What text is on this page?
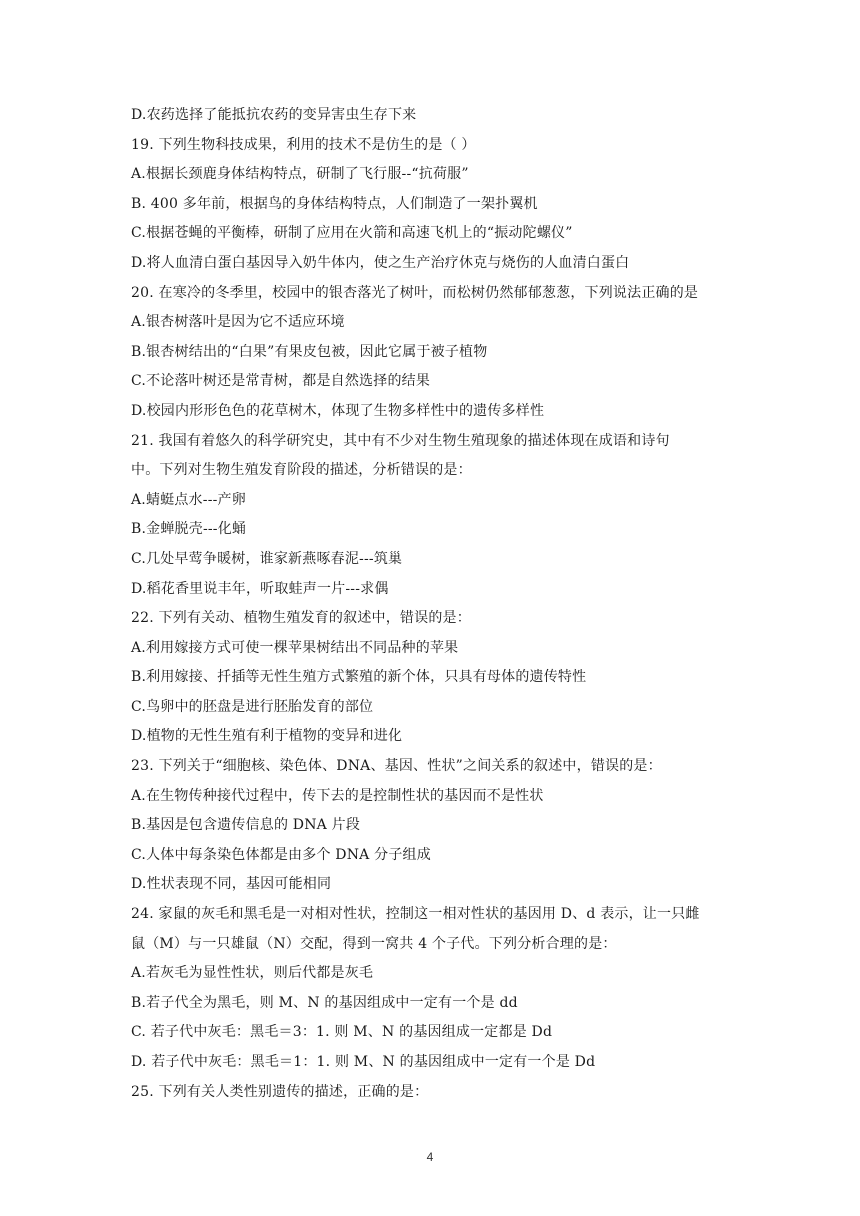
D.农药选择了能抵抗农药的变异害虫生存下来
19. 下列生物科技成果，利用的技术不是仿生的是（ ）
A.根据长颈鹿身体结构特点，研制了飞行服--“抗荷服”
B. 400 多年前，根据鸟的身体结构特点，人们制造了一架扑翼机
C.根据苍蝇的平衡棒，研制了应用在火箭和高速飞机上的“振动陀螺仪”
D.将人血清白蛋白基因导入奶牛体内，使之生产治疗休克与烧伤的人血清白蛋白
20. 在寒冷的冬季里，校园中的银杏落光了树叶，而松树仍然郁郁葱葱，下列说法正确的是
A.银杏树落叶是因为它不适应环境
B.银杏树结出的“白果”有果皮包被，因此它属于被子植物
C.不论落叶树还是常青树，都是自然选择的结果
D.校园内形形色色的花草树木，体现了生物多样性中的遗传多样性
21. 我国有着悠久的科学研究史，其中有不少对生物生殖现象的描述体现在成语和诗句
中。下列对生物生殖发育阶段的描述，分析错误的是：
A.蜻蜓点水---产卵
B.金蝉脱壳---化蛹
C.几处早莺争暖树，谁家新燕啄春泥---筑巢
D.稻花香里说丰年，听取蛙声一片---求偶
22. 下列有关动、植物生殖发育的叙述中，错误的是：
A.利用嫁接方式可使一棵苹果树结出不同品种的苹果
B.利用嫁接、扦插等无性生殖方式繁殖的新个体，只具有母体的遗传特性
C.鸟卵中的胚盘是进行胚胎发育的部位
D.植物的无性生殖有利于植物的变异和进化
23. 下列关于“细胞核、染色体、DNA、基因、性状”之间关系的叙述中，错误的是：
A.在生物传种接代过程中，传下去的是控制性状的基因而不是性状
B.基因是包含遗传信息的 DNA 片段
C.人体中每条染色体都是由多个 DNA 分子组成
D.性状表现不同，基因可能相同
24. 家鼠的灰毛和黑毛是一对相对性状，控制这一相对性状的基因用 D、d 表示，让一只雌
鼠（M）与一只雄鼠（N）交配，得到一窝共 4 个子代。下列分析合理的是：
A.若灰毛为显性性状，则后代都是灰毛
B.若子代全为黑毛，则 M、N 的基因组成中一定有一个是 dd
C. 若子代中灰毛：黑毛＝3：1. 则 M、N 的基因组成一定都是 Dd
D. 若子代中灰毛：黑毛＝1：1. 则 M、N 的基因组成中一定有一个是 Dd
25. 下列有关人类性别遗传的描述，正确的是：
4
